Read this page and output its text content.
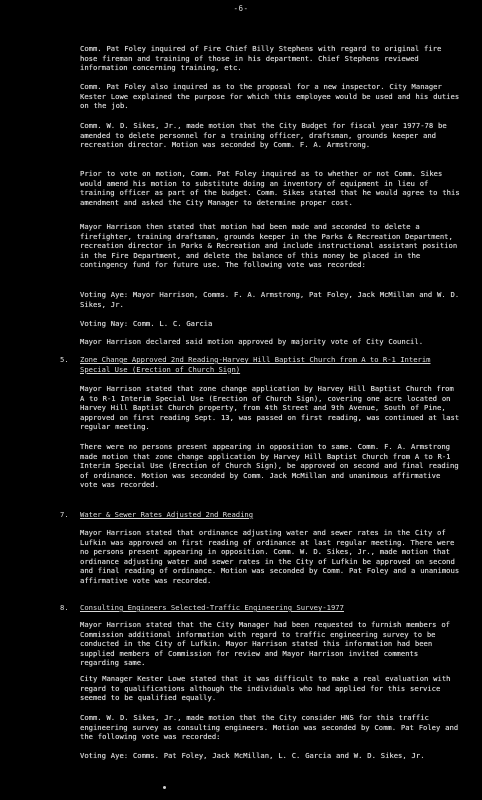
-6-

Comm. Pat Foley inquired of Fire Chief Billy Stephens with regard to original fire hose fireman and training of those in his department. Chief Stephens reviewed information concerning training, etc.

Comm. Pat Foley also inquired as to the proposal for a new inspector. City Manager Kester Lowe explained the purpose for which this employee would be used and his duties on the job.

Comm. W. D. Sikes, Jr., made motion that the City Budget for fiscal year 1977-78 be amended to delete personnel for a training officer, draftsman, grounds keeper and recreation director. Motion was seconded by Comm. F. A. Armstrong.

Prior to vote on motion, Comm. Pat Foley inquired as to whether or not Comm. Sikes would amend his motion to substitute doing an inventory of equipment in lieu of training officer as part of the budget. Comm. Sikes stated that he would agree to this amendment and asked the City Manager to determine proper cost.

Mayor Harrison then stated that motion had been made and seconded to delete a firefighter, training draftsman, grounds keeper in the Parks & Recreation Department, recreation director in Parks & Recreation and include instructional assistant position in the Fire Department, and delete the balance of this money be placed in the contingency fund for future use. The following vote was recorded:

Voting Aye: Mayor Harrison, Comms. F. A. Armstrong, Pat Foley, Jack McMillan and W. D. Sikes, Jr.

Voting Nay: Comm. L. C. Garcia

Mayor Harrison declared said motion approved by majority vote of City Council.

5. Zone Change Approved 2nd Reading-Harvey Hill Baptist Church from A to R-1 Interim Special Use (Erection of Church Sign)

Mayor Harrison stated that zone change application by Harvey Hill Baptist Church from A to R-1 Interim Special Use (Erection of Church Sign), covering one acre located on Harvey Hill Baptist Church property, from 4th Street and 9th Avenue, South of Pine, approved on first reading Sept. 13, was passed on first reading, was continued at last regular meeting.

There were no persons present appearing in opposition to same. Comm. F. A. Armstrong made motion that zone change application by Harvey Hill Baptist Church from A to R-1 Interim Special Use (Erection of Church Sign), be approved on second and final reading of ordinance. Motion was seconded by Comm. Jack McMillan and unanimous affirmative vote was recorded.

7. Water & Sewer Rates Adjusted 2nd Reading

Mayor Harrison stated that ordinance adjusting water and sewer rates in the City of Lufkin was approved on first reading of ordinance at last regular meeting. There were no persons present appearing in opposition. Comm. W. D. Sikes, Jr., made motion that ordinance adjusting water and sewer rates in the City of Lufkin be approved on second and final reading of ordinance. Motion was seconded by Comm. Pat Foley and a unanimous affirmative vote was recorded.

8. Consulting Engineers Selected-Traffic Engineering Survey-1977

Mayor Harrison stated that the City Manager had been requested to furnish members of Commission additional information with regard to traffic engineering survey to be conducted in the City of Lufkin. Mayor Harrison stated this information had been supplied members of Commission for review and Mayor Harrison invited comments regarding same.

City Manager Kester Lowe stated that it was difficult to make a real evaluation with regard to qualifications although the individuals who had applied for this service seemed to be qualified equally.

Comm. W. D. Sikes, Jr., made motion that the City consider HNS for this traffic engineering survey as consulting engineers. Motion was seconded by Comm. Pat Foley and the following vote was recorded:

Voting Aye: Comms. Pat Foley, Jack McMillan, L. C. Garcia and W. D. Sikes, Jr.
